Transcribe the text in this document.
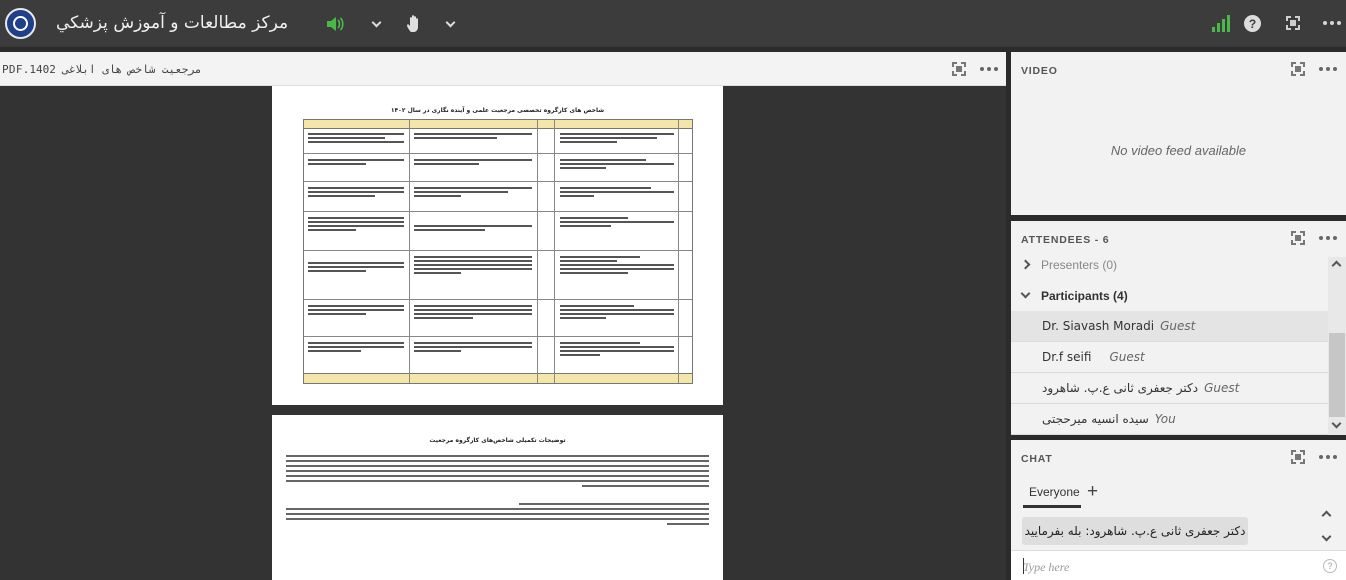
مرکز مطالعات و آموزش پزشکي	?
مرجعيت شاخص های ابلاغی 1402.PDF
شاخص های کارگروه تخصصی مرجعیت علمی و آینده نگاری در سال ۱۴۰۲
توضیحات تکمیلی شاخص‌های کارگروه مرجعیت
VIDEO
No video feed available
ATTENDEES - 6
Presenters (0)
Participants (4)
Dr. Siavash Moradi Guest
Dr.f seifi Guest
دکتر جعفری ثانی ع.پ. شاهرود Guest
سیده انسیه میرحجتی You
CHAT
Everyone +
دکتر جعفری ثانی ع.پ. شاهرود: بله بفرمایید
Type here
?
